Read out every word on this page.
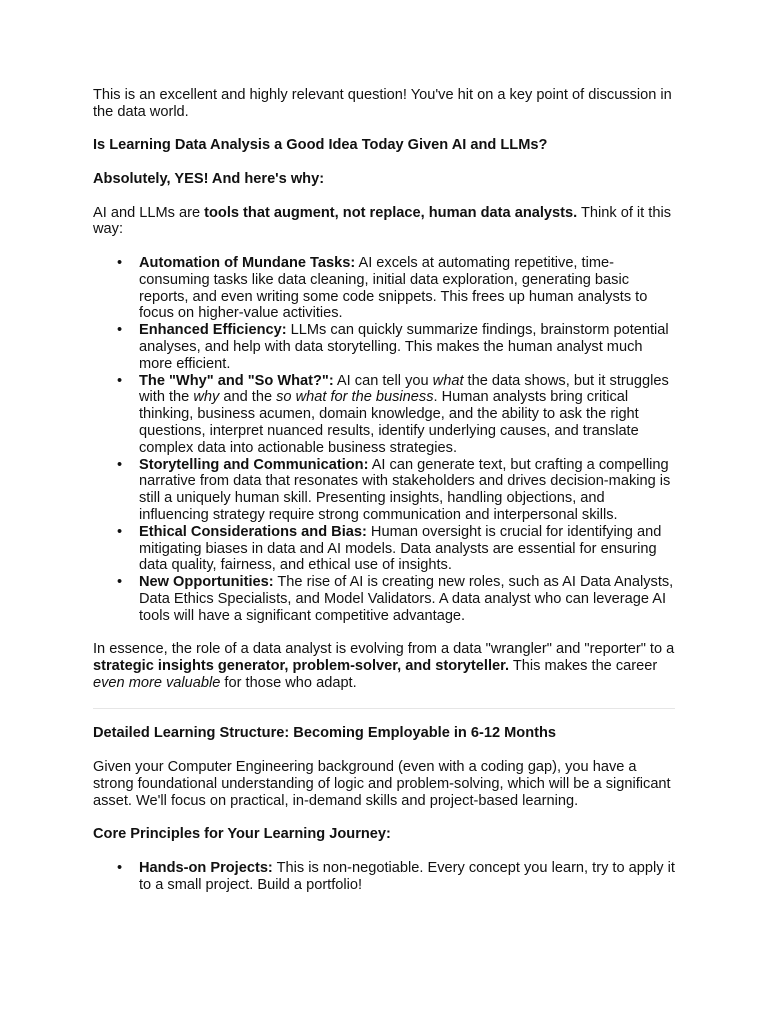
This is an excellent and highly relevant question! You've hit on a key point of discussion in the data world.

Is Learning Data Analysis a Good Idea Today Given AI and LLMs?

Absolutely, YES! And here's why:

AI and LLMs are tools that augment, not replace, human data analysts. Think of it this way:

• Automation of Mundane Tasks: AI excels at automating repetitive, time-consuming tasks like data cleaning, initial data exploration, generating basic reports, and even writing some code snippets. This frees up human analysts to focus on higher-value activities.
• Enhanced Efficiency: LLMs can quickly summarize findings, brainstorm potential analyses, and help with data storytelling. This makes the human analyst much more efficient.
• The "Why" and "So What?": AI can tell you what the data shows, but it struggles with the why and the so what for the business. Human analysts bring critical thinking, business acumen, domain knowledge, and the ability to ask the right questions, interpret nuanced results, identify underlying causes, and translate complex data into actionable business strategies.
• Storytelling and Communication: AI can generate text, but crafting a compelling narrative from data that resonates with stakeholders and drives decision-making is still a uniquely human skill. Presenting insights, handling objections, and influencing strategy require strong communication and interpersonal skills.
• Ethical Considerations and Bias: Human oversight is crucial for identifying and mitigating biases in data and AI models. Data analysts are essential for ensuring data quality, fairness, and ethical use of insights.
• New Opportunities: The rise of AI is creating new roles, such as AI Data Analysts, Data Ethics Specialists, and Model Validators. A data analyst who can leverage AI tools will have a significant competitive advantage.

In essence, the role of a data analyst is evolving from a data "wrangler" and "reporter" to a strategic insights generator, problem-solver, and storyteller. This makes the career even more valuable for those who adapt.

Detailed Learning Structure: Becoming Employable in 6-12 Months

Given your Computer Engineering background (even with a coding gap), you have a strong foundational understanding of logic and problem-solving, which will be a significant asset. We'll focus on practical, in-demand skills and project-based learning.

Core Principles for Your Learning Journey:

• Hands-on Projects: This is non-negotiable. Every concept you learn, try to apply it to a small project. Build a portfolio!
